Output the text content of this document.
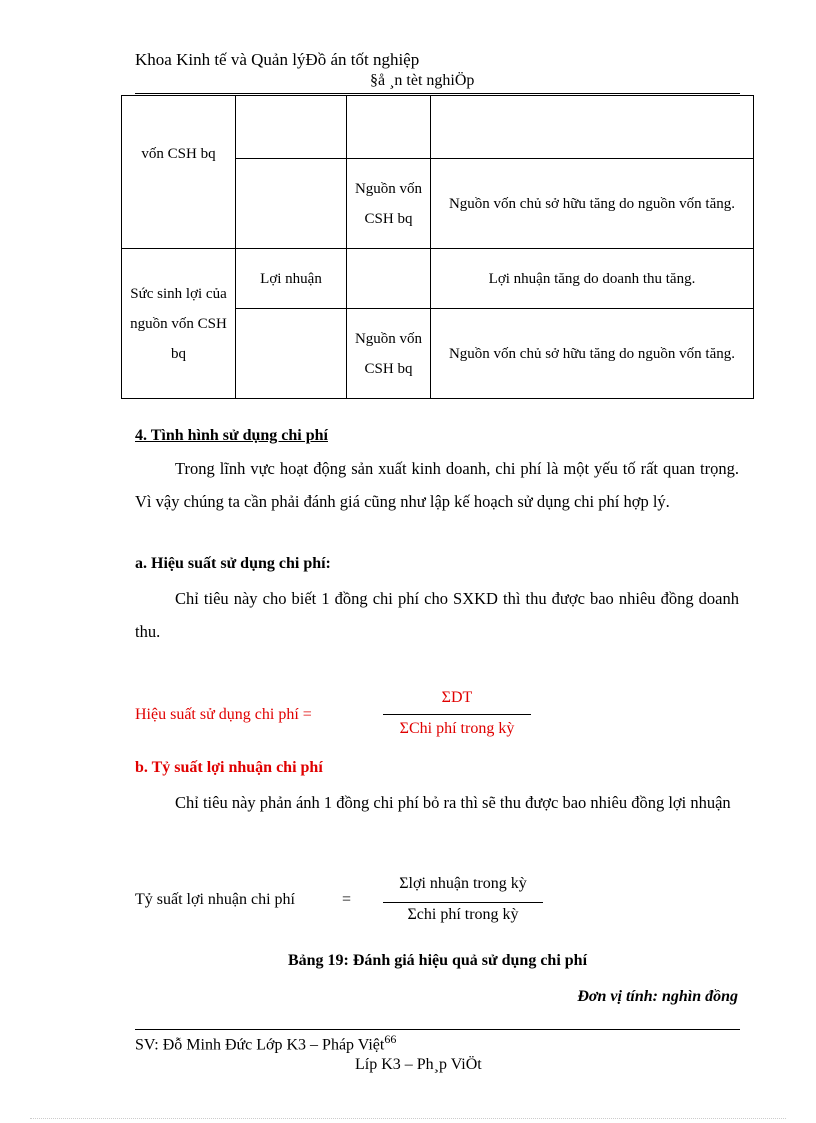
Khoa Kinh tế và Quản lýĐồ án tốt nghiệp
§å ¸n tèt nghiÖp
vốn CSH bq			
		Nguồn vốn CSH bq	Nguồn vốn chủ sở hữu tăng do nguồn vốn tăng.
Sức sinh lợi của nguồn vốn CSH bq	Lợi nhuận		Lợi nhuận tăng do doanh thu tăng.
		Nguồn vốn CSH bq	Nguồn vốn chủ sở hữu tăng do nguồn vốn tăng.
4. Tình hình sử dụng chi phí
Trong lĩnh vực hoạt động sản xuất kinh doanh, chi phí là một yếu tố rất quan trọng. Vì vậy chúng ta cần phải đánh giá cũng như lập kế hoạch sử dụng chi phí hợp lý.
a. Hiệu suất sử dụng chi phí:
Chỉ tiêu này cho biết 1 đồng chi phí cho SXKD thì thu được bao nhiêu đồng doanh thu.
Hiệu suất sử dụng chi phí =
ΣDT
ΣChi phí trong kỳ
b. Tỷ suất lợi nhuận chi phí
Chỉ tiêu này phản ánh 1 đồng chi phí bỏ ra thì sẽ thu được bao nhiêu đồng lợi nhuận
Tỷ suất lợi nhuận chi phí	=
Σlợi nhuận trong kỳ
Σchi phí trong kỳ
Bảng 19: Đánh giá hiệu quả sử dụng chi phí
Đơn vị tính: nghìn đồng
SV: Đỗ Minh Đức Lớp K3 – Pháp Việt$^{66}$
Líp K3 – Ph¸p ViÖt
